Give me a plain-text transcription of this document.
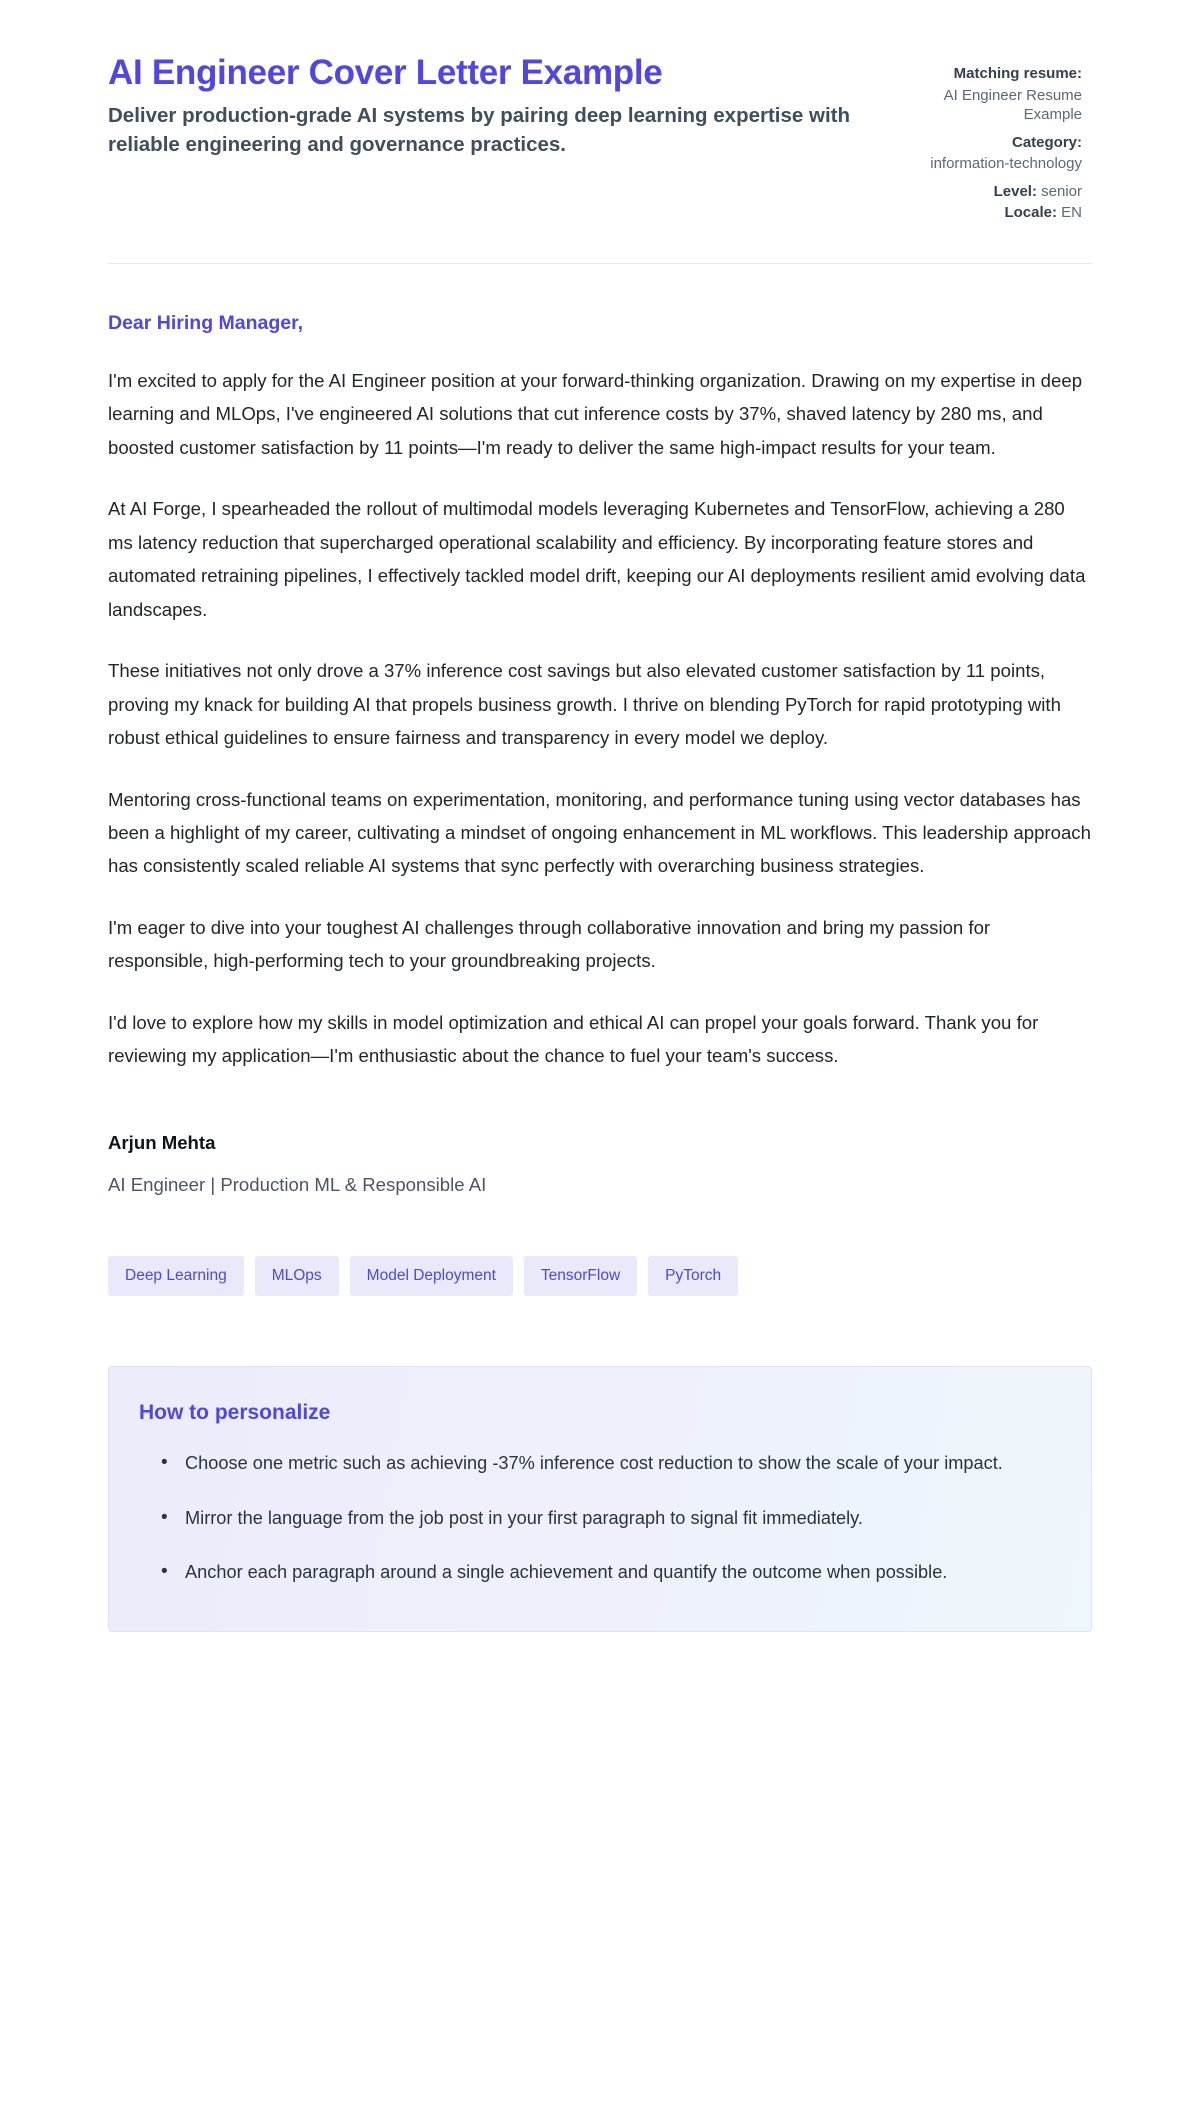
AI Engineer Cover Letter Example

Deliver production-grade AI systems by pairing deep learning expertise with reliable engineering and governance practices.

Matching resume:
AI Engineer Resume Example
Category:
information-technology
Level: senior
Locale: EN

Dear Hiring Manager,

I'm excited to apply for the AI Engineer position at your forward-thinking organization. Drawing on my expertise in deep learning and MLOps, I've engineered AI solutions that cut inference costs by 37%, shaved latency by 280 ms, and boosted customer satisfaction by 11 points—I'm ready to deliver the same high-impact results for your team.

At AI Forge, I spearheaded the rollout of multimodal models leveraging Kubernetes and TensorFlow, achieving a 280 ms latency reduction that supercharged operational scalability and efficiency. By incorporating feature stores and automated retraining pipelines, I effectively tackled model drift, keeping our AI deployments resilient amid evolving data landscapes.

These initiatives not only drove a 37% inference cost savings but also elevated customer satisfaction by 11 points, proving my knack for building AI that propels business growth. I thrive on blending PyTorch for rapid prototyping with robust ethical guidelines to ensure fairness and transparency in every model we deploy.

Mentoring cross-functional teams on experimentation, monitoring, and performance tuning using vector databases has been a highlight of my career, cultivating a mindset of ongoing enhancement in ML workflows. This leadership approach has consistently scaled reliable AI systems that sync perfectly with overarching business strategies.

I'm eager to dive into your toughest AI challenges through collaborative innovation and bring my passion for responsible, high-performing tech to your groundbreaking projects.

I'd love to explore how my skills in model optimization and ethical AI can propel your goals forward. Thank you for reviewing my application—I'm enthusiastic about the chance to fuel your team's success.

Arjun Mehta

AI Engineer | Production ML & Responsible AI

Deep Learning	MLOps	Model Deployment	TensorFlow	PyTorch
How to personalize
• Choose one metric such as achieving -37% inference cost reduction to show the scale of your impact.
• Mirror the language from the job post in your first paragraph to signal fit immediately.
• Anchor each paragraph around a single achievement and quantify the outcome when possible.
